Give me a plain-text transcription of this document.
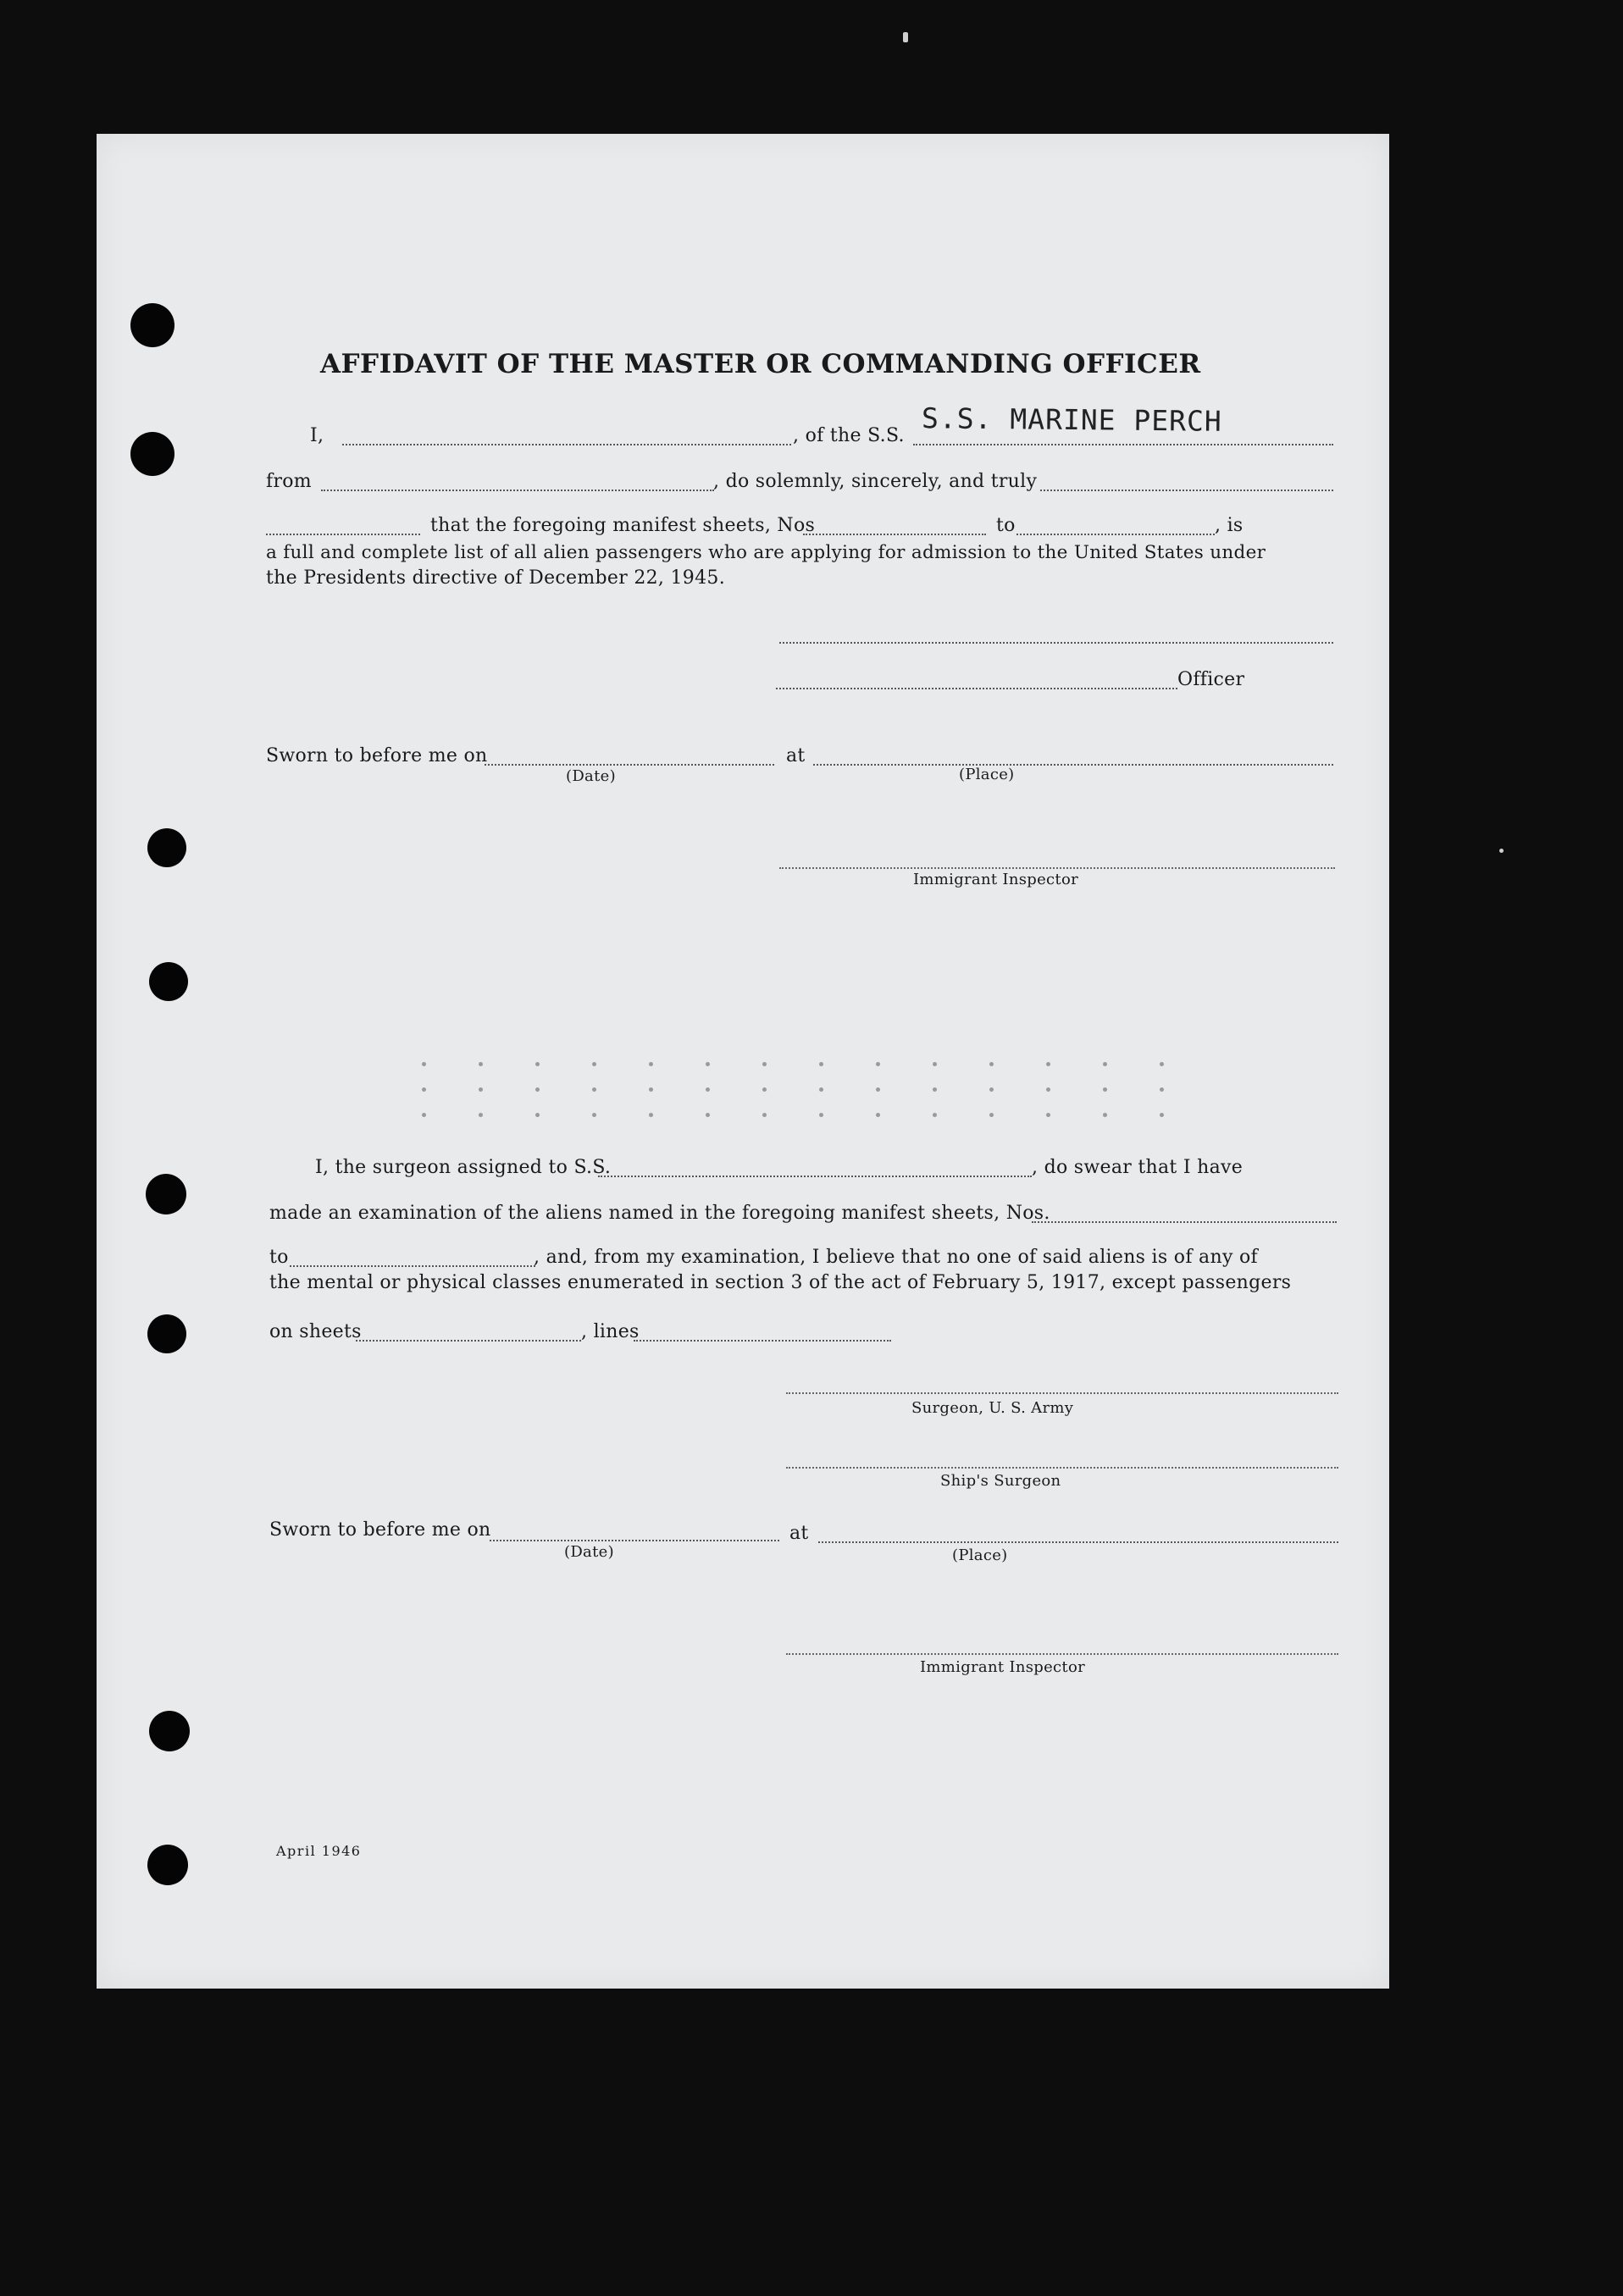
AFFIDAVIT OF THE MASTER OR COMMANDING OFFICER
I,	, of the S.S. S.S. MARINE PERCH
from	, do solemnly, sincerely, and truly
that the foregoing manifest sheets, Nos	to	, is
a full and complete list of all alien passengers who are applying for admission to the United States under
the Presidents directive of December 22, 1945.
Officer
Sworn to before me on	at
(Date)	(Place)
Immigrant Inspector
I, the surgeon assigned to S.S.	, do swear that I have
made an examination of the aliens named in the foregoing manifest sheets, Nos.
to	, and, from my examination, I believe that no one of said aliens is of any of
the mental or physical classes enumerated in section 3 of the act of February 5, 1917, except passengers
on sheets	, lines
Surgeon, U. S. Army
Ship's Surgeon
Sworn to before me on	at
(Date)	(Place)
Immigrant Inspector
April 1946
